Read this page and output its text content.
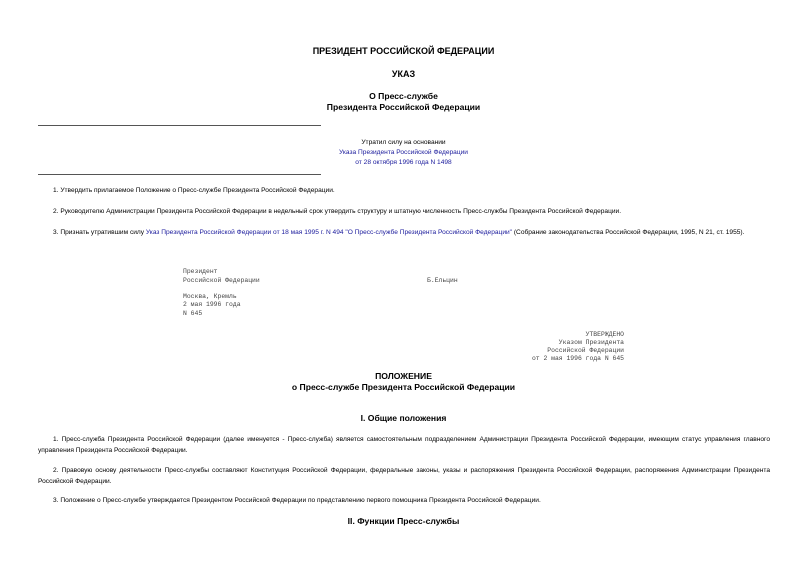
ПРЕЗИДЕНТ РОССИЙСКОЙ ФЕДЕРАЦИИ
УКАЗ
О Пресс-службе
Президента Российской Федерации
Утратил силу на основании
Указа Президента Российской Федерации
от 28 октября 1996 года N 1498
1. Утвердить прилагаемое Положение о Пресс-службе Президента Российской Федерации.
2. Руководителю Администрации Президента Российской Федерации в недельный срок утвердить структуру и штатную численность Пресс-службы Президента Российской Федерации.
3. Признать утратившим силу Указ Президента Российской Федерации от 18 мая 1995 г. N 494 "О Пресс-службе Президента Российской Федерации" (Собрание законодательства Российской Федерации, 1995, N 21, ст. 1955).
Президент
Российской Федерации	Б.Ельцин
Москва, Кремль
2 мая 1996 года
N 645
УТВЕРЖДЕНО
Указом Президента
Российской Федерации
от 2 мая 1996 года N 645
ПОЛОЖЕНИЕ
о Пресс-службе Президента Российской Федерации
I. Общие положения
1. Пресс-служба Президента Российской Федерации (далее именуется - Пресс-служба) является самостоятельным подразделением Администрации Президента Российской Федерации, имеющим статус управления главного управления Президента Российской Федерации.
2. Правовую основу деятельности Пресс-службы составляют Конституция Российской Федерации, федеральные законы, указы и распоряжения Президента Российской Федерации, распоряжения Администрации Президента Российской Федерации.
3. Положение о Пресс-службе утверждается Президентом Российской Федерации по представлению первого помощника Президента Российской Федерации.
II. Функции Пресс-службы
